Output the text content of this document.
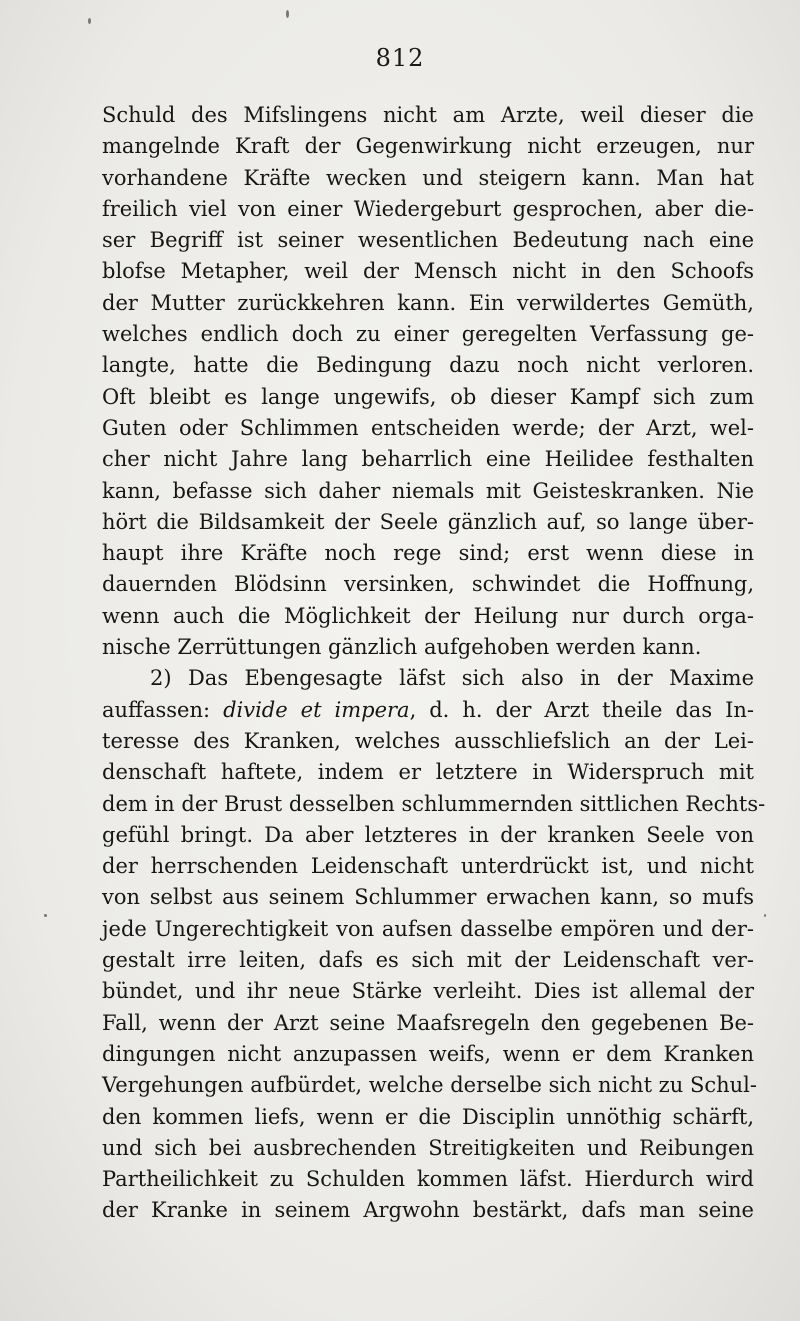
812
Schuld des Mifslingens nicht am Arzte, weil dieser die
mangelnde Kraft der Gegenwirkung nicht erzeugen, nur
vorhandene Kräfte wecken und steigern kann. Man hat
freilich viel von einer Wiedergeburt gesprochen, aber die-
ser Begriff ist seiner wesentlichen Bedeutung nach eine
blofse Metapher, weil der Mensch nicht in den Schoofs
der Mutter zurückkehren kann. Ein verwildertes Gemüth,
welches endlich doch zu einer geregelten Verfassung ge-
langte, hatte die Bedingung dazu noch nicht verloren.
Oft bleibt es lange ungewifs, ob dieser Kampf sich zum
Guten oder Schlimmen entscheiden werde; der Arzt, wel-
cher nicht Jahre lang beharrlich eine Heilidee festhalten
kann, befasse sich daher niemals mit Geisteskranken. Nie
hört die Bildsamkeit der Seele gänzlich auf, so lange über-
haupt ihre Kräfte noch rege sind; erst wenn diese in
dauernden Blödsinn versinken, schwindet die Hoffnung,
wenn auch die Möglichkeit der Heilung nur durch orga-
nische Zerrüttungen gänzlich aufgehoben werden kann.
2) Das Ebengesagte läfst sich also in der Maxime
auffassen: divide et impera, d. h. der Arzt theile das In-
teresse des Kranken, welches ausschliefslich an der Lei-
denschaft haftete, indem er letztere in Widerspruch mit
dem in der Brust desselben schlummernden sittlichen Rechts-
gefühl bringt. Da aber letzteres in der kranken Seele von
der herrschenden Leidenschaft unterdrückt ist, und nicht
von selbst aus seinem Schlummer erwachen kann, so mufs
jede Ungerechtigkeit von aufsen dasselbe empören und der-
gestalt irre leiten, dafs es sich mit der Leidenschaft ver-
bündet, und ihr neue Stärke verleiht. Dies ist allemal der
Fall, wenn der Arzt seine Maafsregeln den gegebenen Be-
dingungen nicht anzupassen weifs, wenn er dem Kranken
Vergehungen aufbürdet, welche derselbe sich nicht zu Schul-
den kommen liefs, wenn er die Disciplin unnöthig schärft,
und sich bei ausbrechenden Streitigkeiten und Reibungen
Partheilichkeit zu Schulden kommen läfst. Hierdurch wird
der Kranke in seinem Argwohn bestärkt, dafs man seine
